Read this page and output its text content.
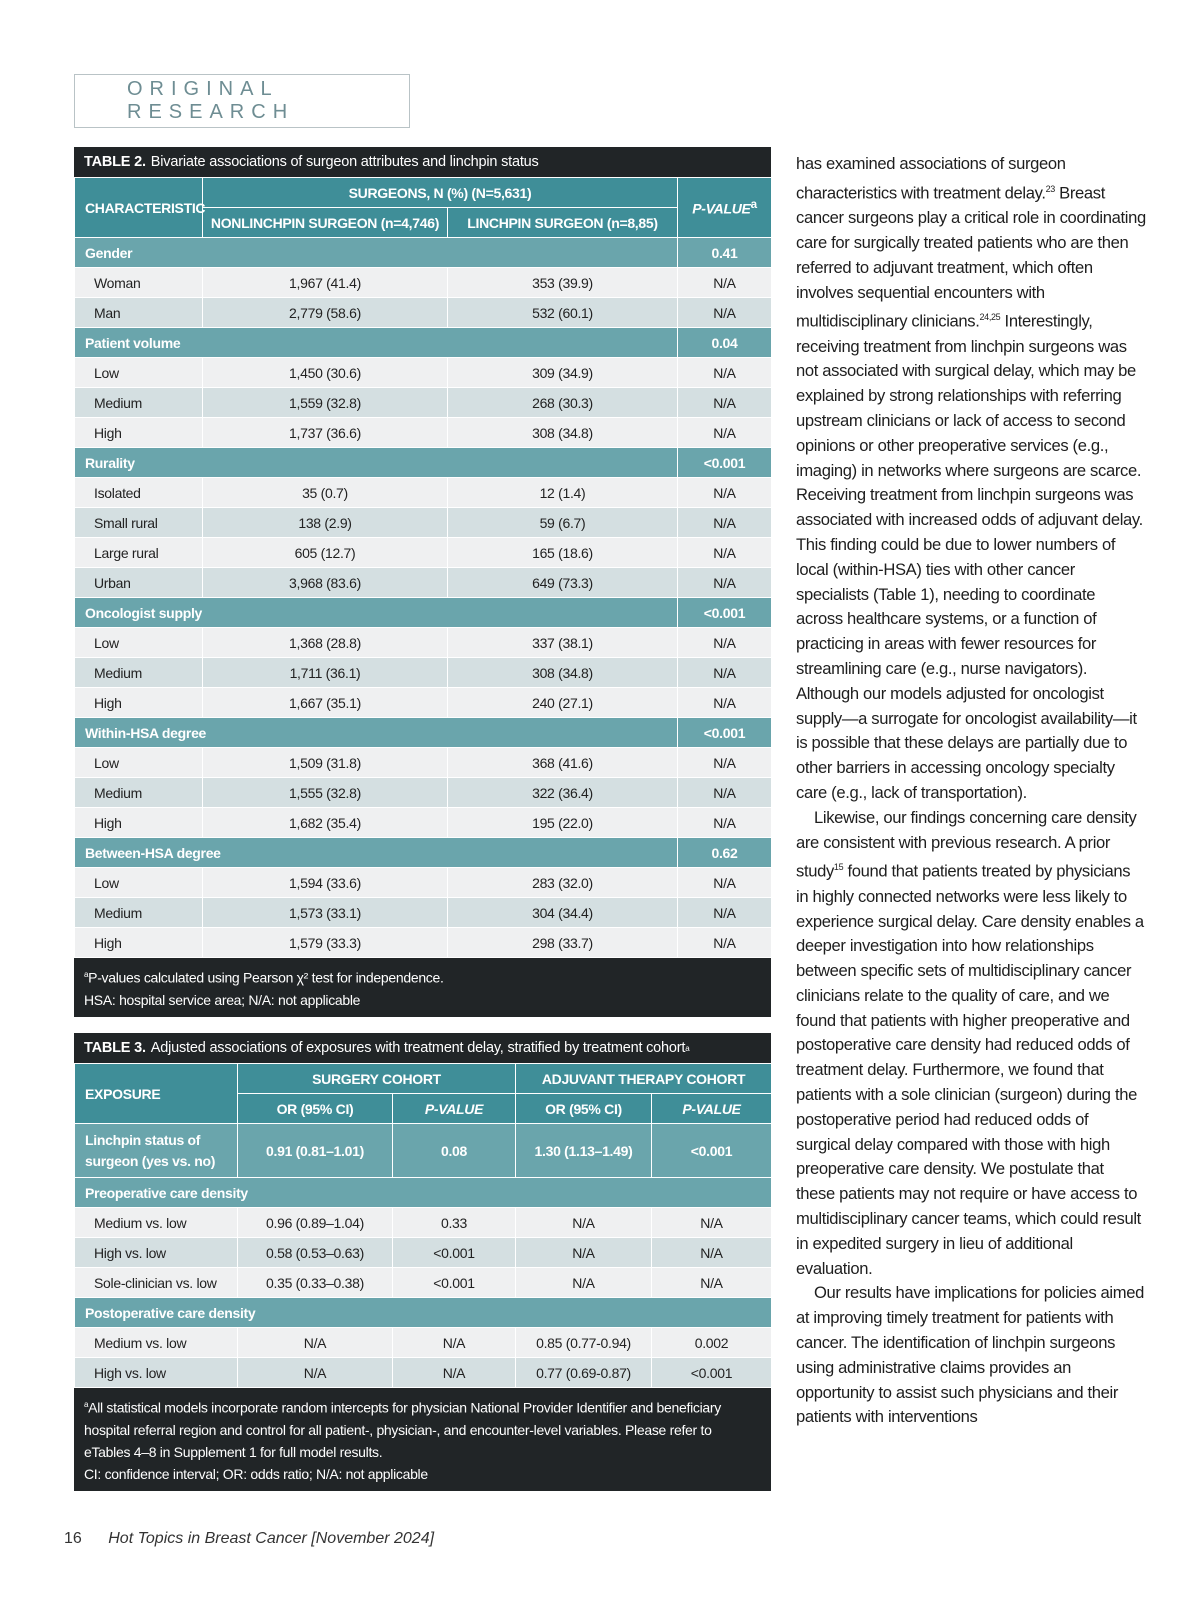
ORIGINAL RESEARCH
TABLE 2. Bivariate associations of surgeon attributes and linchpin status
CHARACTERISTIC	SURGEONS, N (%) (N=5,631)		P-VALUE$^a$
	NONLINCHPIN SURGEON (n=4,746)	LINCHPIN SURGEON (n=8,85)	
Gender			0.41
Woman	1,967 (41.4)	353 (39.9)	N/A
Man	2,779 (58.6)	532 (60.1)	N/A
Patient volume			0.04
Low	1,450 (30.6)	309 (34.9)	N/A
Medium	1,559 (32.8)	268 (30.3)	N/A
High	1,737 (36.6)	308 (34.8)	N/A
Rurality			<0.001
Isolated	35 (0.7)	12 (1.4)	N/A
Small rural	138 (2.9)	59 (6.7)	N/A
Large rural	605 (12.7)	165 (18.6)	N/A
Urban	3,968 (83.6)	649 (73.3)	N/A
Oncologist supply			<0.001
Low	1,368 (28.8)	337 (38.1)	N/A
Medium	1,711 (36.1)	308 (34.8)	N/A
High	1,667 (35.1)	240 (27.1)	N/A
Within-HSA degree			<0.001
Low	1,509 (31.8)	368 (41.6)	N/A
Medium	1,555 (32.8)	322 (36.4)	N/A
High	1,682 (35.4)	195 (22.0)	N/A
Between-HSA degree			0.62
Low	1,594 (33.6)	283 (32.0)	N/A
Medium	1,573 (33.1)	304 (34.4)	N/A
High	1,579 (33.3)	298 (33.7)	N/A
$^a$P-values calculated using Pearson χ² test for independence.
HSA: hospital service area; N/A: not applicable
TABLE 3. Adjusted associations of exposures with treatment delay, stratified by treatment cohort a
EXPOSURE	SURGERY COHORT		ADJUVANT THERAPY COHORT	
	OR (95% CI)	P-VALUE	OR (95% CI)	P-VALUE
Linchpin status of surgeon (yes vs. no)	0.91 (0.81–1.01)	0.08	1.30 (1.13–1.49)	<0.001
Preoperative care density				
Medium vs. low	0.96 (0.89–1.04)	0.33	N/A	N/A
High vs. low	0.58 (0.53–0.63)	<0.001	N/A	N/A
Sole-clinician vs. low	0.35 (0.33–0.38)	<0.001	N/A	N/A
Postoperative care density				
Medium vs. low	N/A	N/A	0.85 (0.77-0.94)	0.002
High vs. low	N/A	N/A	0.77 (0.69-0.87)	<0.001
$^a$All statistical models incorporate random intercepts for physician National Provider Identifier and beneficiary hospital referral region and control for all patient-, physician-, and encounter-level variables. Please refer to eTables 4–8 in Supplement 1 for full model results.
CI: confidence interval; OR: odds ratio; N/A: not applicable

has examined associations of surgeon characteristics with treatment delay.$^{23}$ Breast cancer surgeons play a critical role in coordinating care for surgically treated patients who are then referred to adjuvant treatment, which often involves sequential encounters with multidisciplinary clinicians.$^{24,25}$ Interestingly, receiving treatment from linchpin surgeons was not associated with surgical delay, which may be explained by strong relationships with referring upstream clinicians or lack of access to second opinions or other preoperative services (e.g., imaging) in networks where surgeons are scarce. Receiving treatment from linchpin surgeons was associated with increased odds of adjuvant delay. This finding could be due to lower numbers of local (within-HSA) ties with other cancer specialists (Table 1), needing to coordinate across healthcare systems, or a function of practicing in areas with fewer resources for streamlining care (e.g., nurse navigators). Although our models adjusted for oncologist supply—a surrogate for oncologist availability—it is possible that these delays are partially due to other barriers in accessing oncology specialty care (e.g., lack of transportation).

Likewise, our findings concerning care density are consistent with previous research. A prior study$^{15}$ found that patients treated by physicians in highly connected networks were less likely to experience surgical delay. Care density enables a deeper investigation into how relationships between specific sets of multidisciplinary cancer clinicians relate to the quality of care, and we found that patients with higher preoperative and postoperative care density had reduced odds of treatment delay. Furthermore, we found that patients with a sole clinician (surgeon) during the postoperative period had reduced odds of surgical delay compared with those with high preoperative care density. We postulate that these patients may not require or have access to multidisciplinary cancer teams, which could result in expedited surgery in lieu of additional evaluation.

Our results have implications for policies aimed at improving timely treatment for patients with cancer. The identification of linchpin surgeons using administrative claims provides an opportunity to assist such physicians and their patients with interventions

16 Hot Topics in Breast Cancer [November 2024]
